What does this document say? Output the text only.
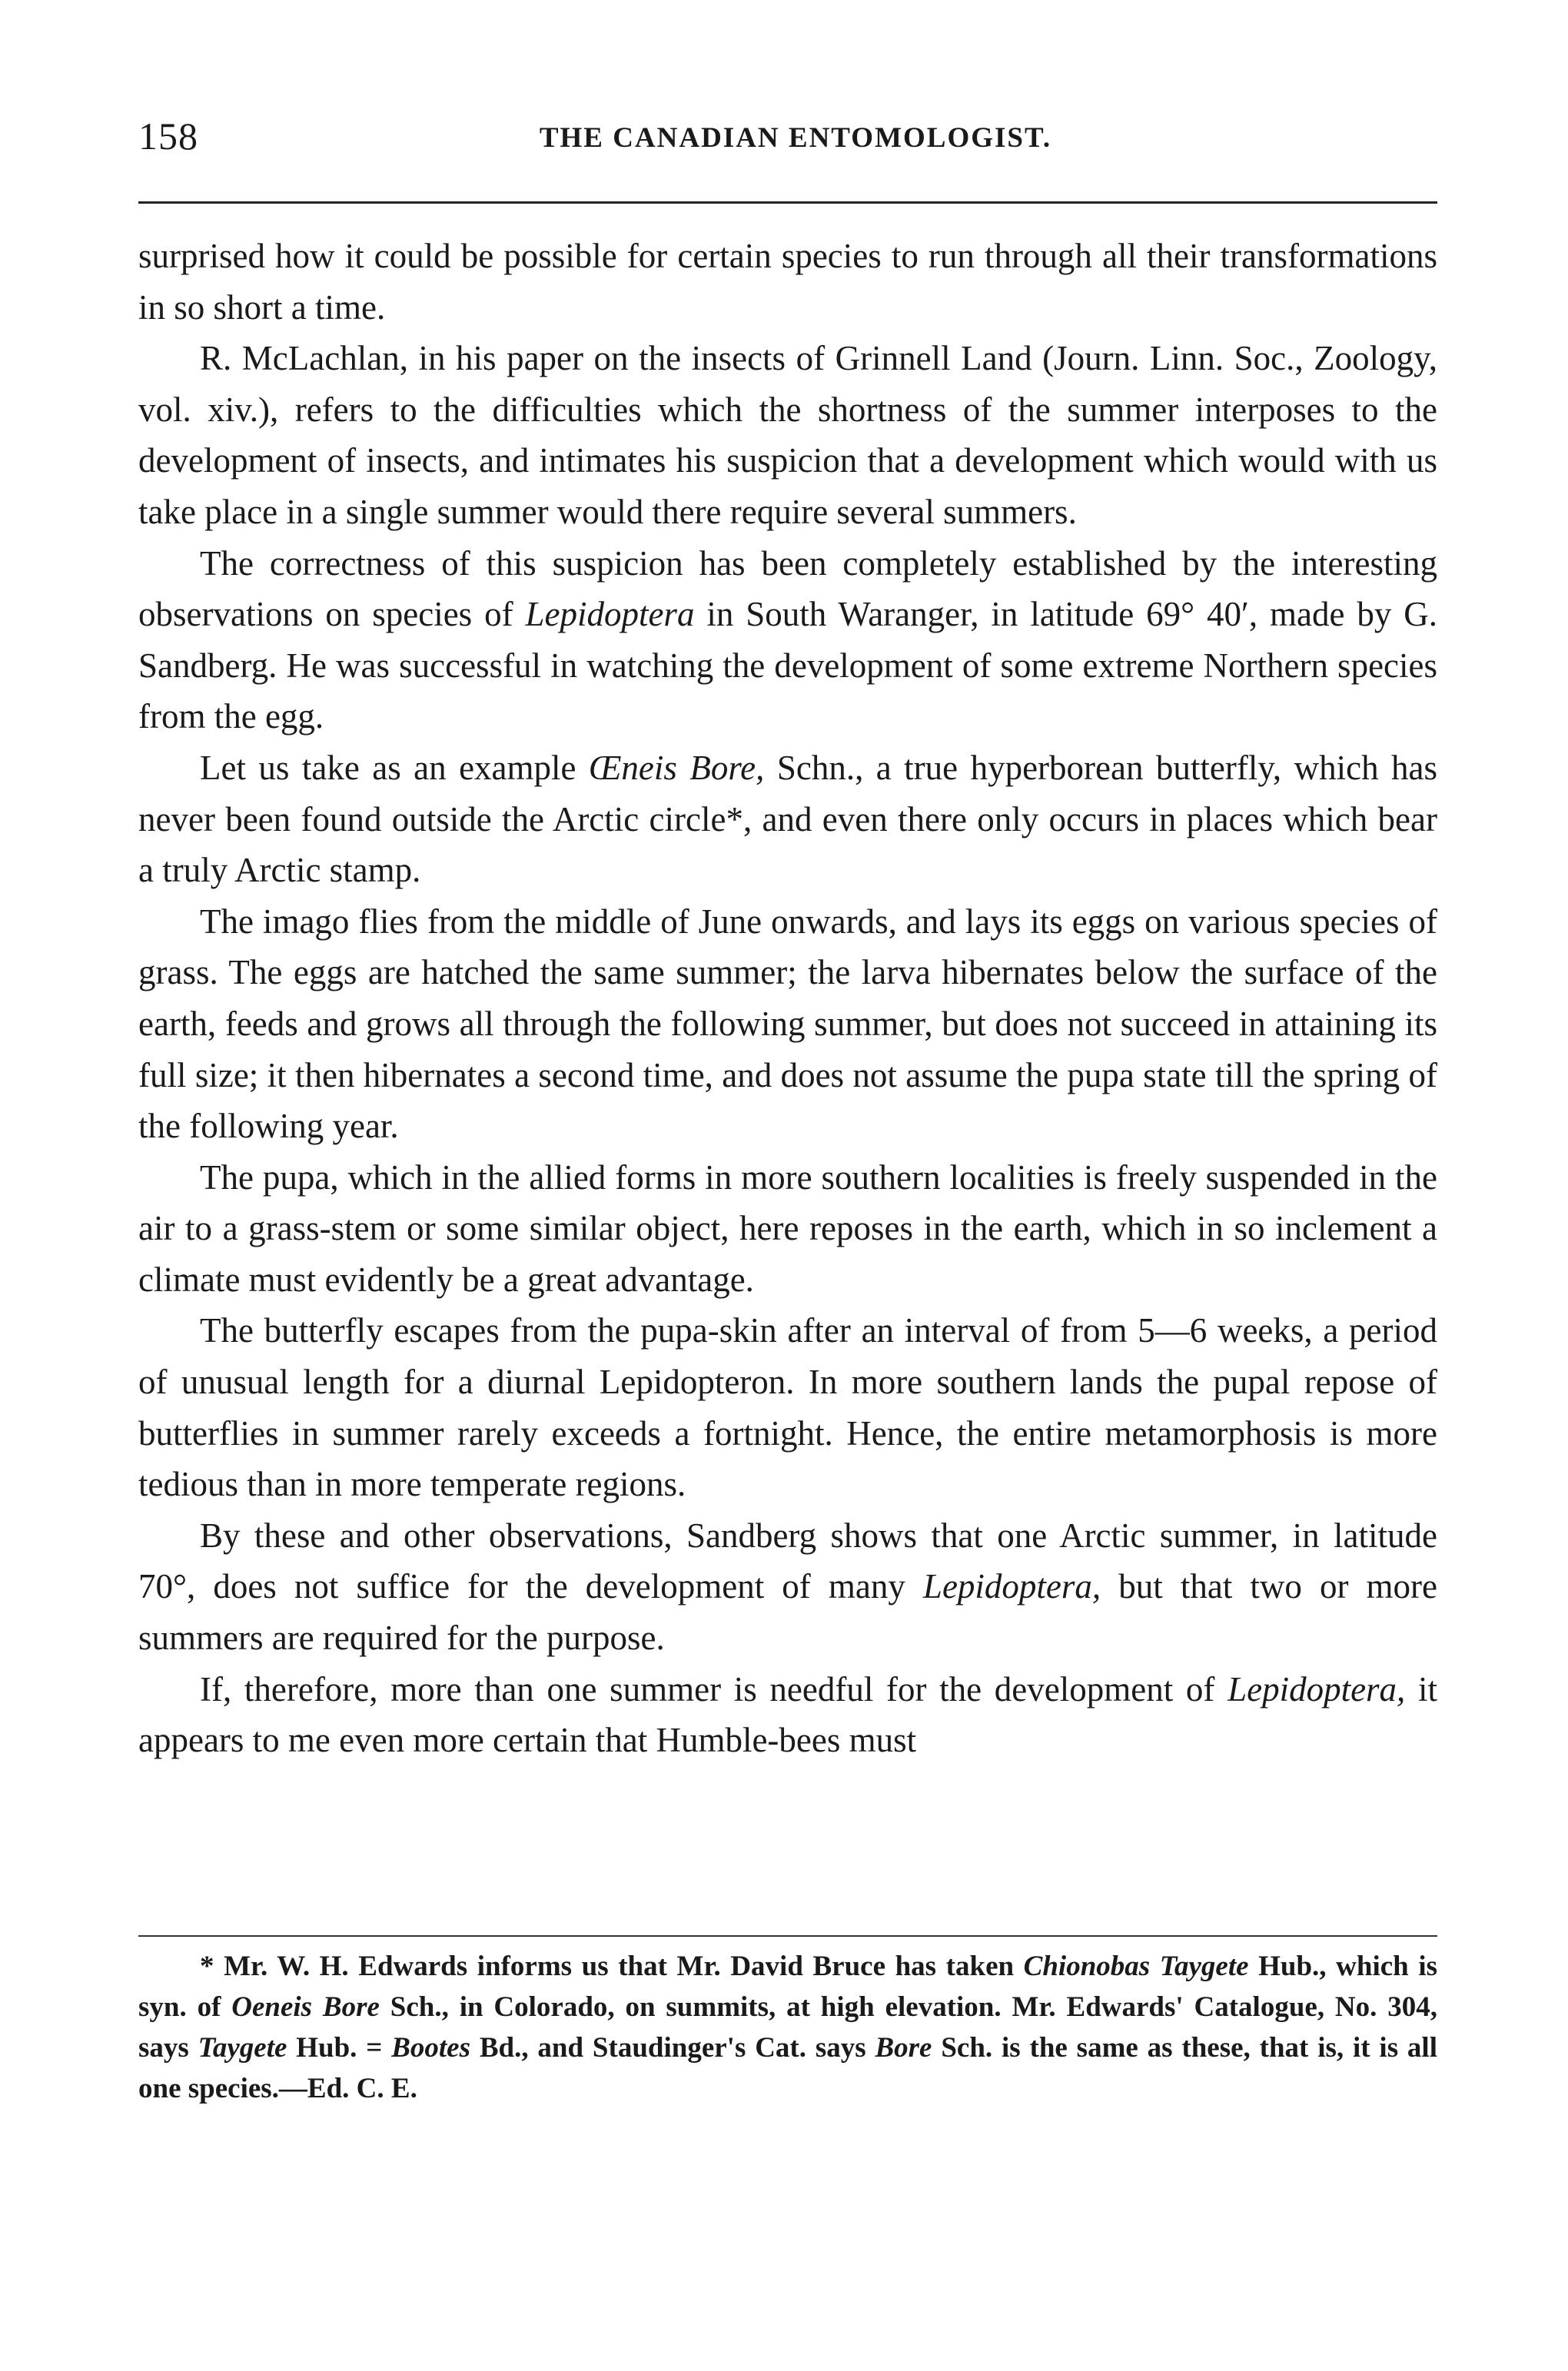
158	THE CANADIAN ENTOMOLOGIST.

surprised how it could be possible for certain species to run through all their transformations in so short a time.

R. McLachlan, in his paper on the insects of Grinnell Land (Journ. Linn. Soc., Zoology, vol. xiv.), refers to the difficulties which the shortness of the summer interposes to the development of insects, and intimates his suspicion that a development which would with us take place in a single summer would there require several summers.

The correctness of this suspicion has been completely established by the interesting observations on species of Lepidoptera in South Waranger, in latitude 69° 40′, made by G. Sandberg. He was successful in watching the development of some extreme Northern species from the egg.

Let us take as an example Œneis Bore, Schn., a true hyperborean butterfly, which has never been found outside the Arctic circle*, and even there only occurs in places which bear a truly Arctic stamp.

The imago flies from the middle of June onwards, and lays its eggs on various species of grass. The eggs are hatched the same summer; the larva hibernates below the surface of the earth, feeds and grows all through the following summer, but does not succeed in attaining its full size; it then hibernates a second time, and does not assume the pupa state till the spring of the following year.

The pupa, which in the allied forms in more southern localities is freely suspended in the air to a grass-stem or some similar object, here reposes in the earth, which in so inclement a climate must evidently be a great advantage.

The butterfly escapes from the pupa-skin after an interval of from 5—6 weeks, a period of unusual length for a diurnal Lepidopteron. In more southern lands the pupal repose of butterflies in summer rarely exceeds a fortnight. Hence, the entire metamorphosis is more tedious than in more temperate regions.

By these and other observations, Sandberg shows that one Arctic summer, in latitude 70°, does not suffice for the development of many Lepidoptera, but that two or more summers are required for the purpose.

If, therefore, more than one summer is needful for the development of Lepidoptera, it appears to me even more certain that Humble-bees must

* Mr. W. H. Edwards informs us that Mr. David Bruce has taken Chionobas Taygete Hub., which is syn. of Oeneis Bore Sch., in Colorado, on summits, at high elevation. Mr. Edwards' Catalogue, No. 304, says Taygete Hub. = Bootes Bd., and Staudinger's Cat. says Bore Sch. is the same as these, that is, it is all one species.—Ed. C. E.
